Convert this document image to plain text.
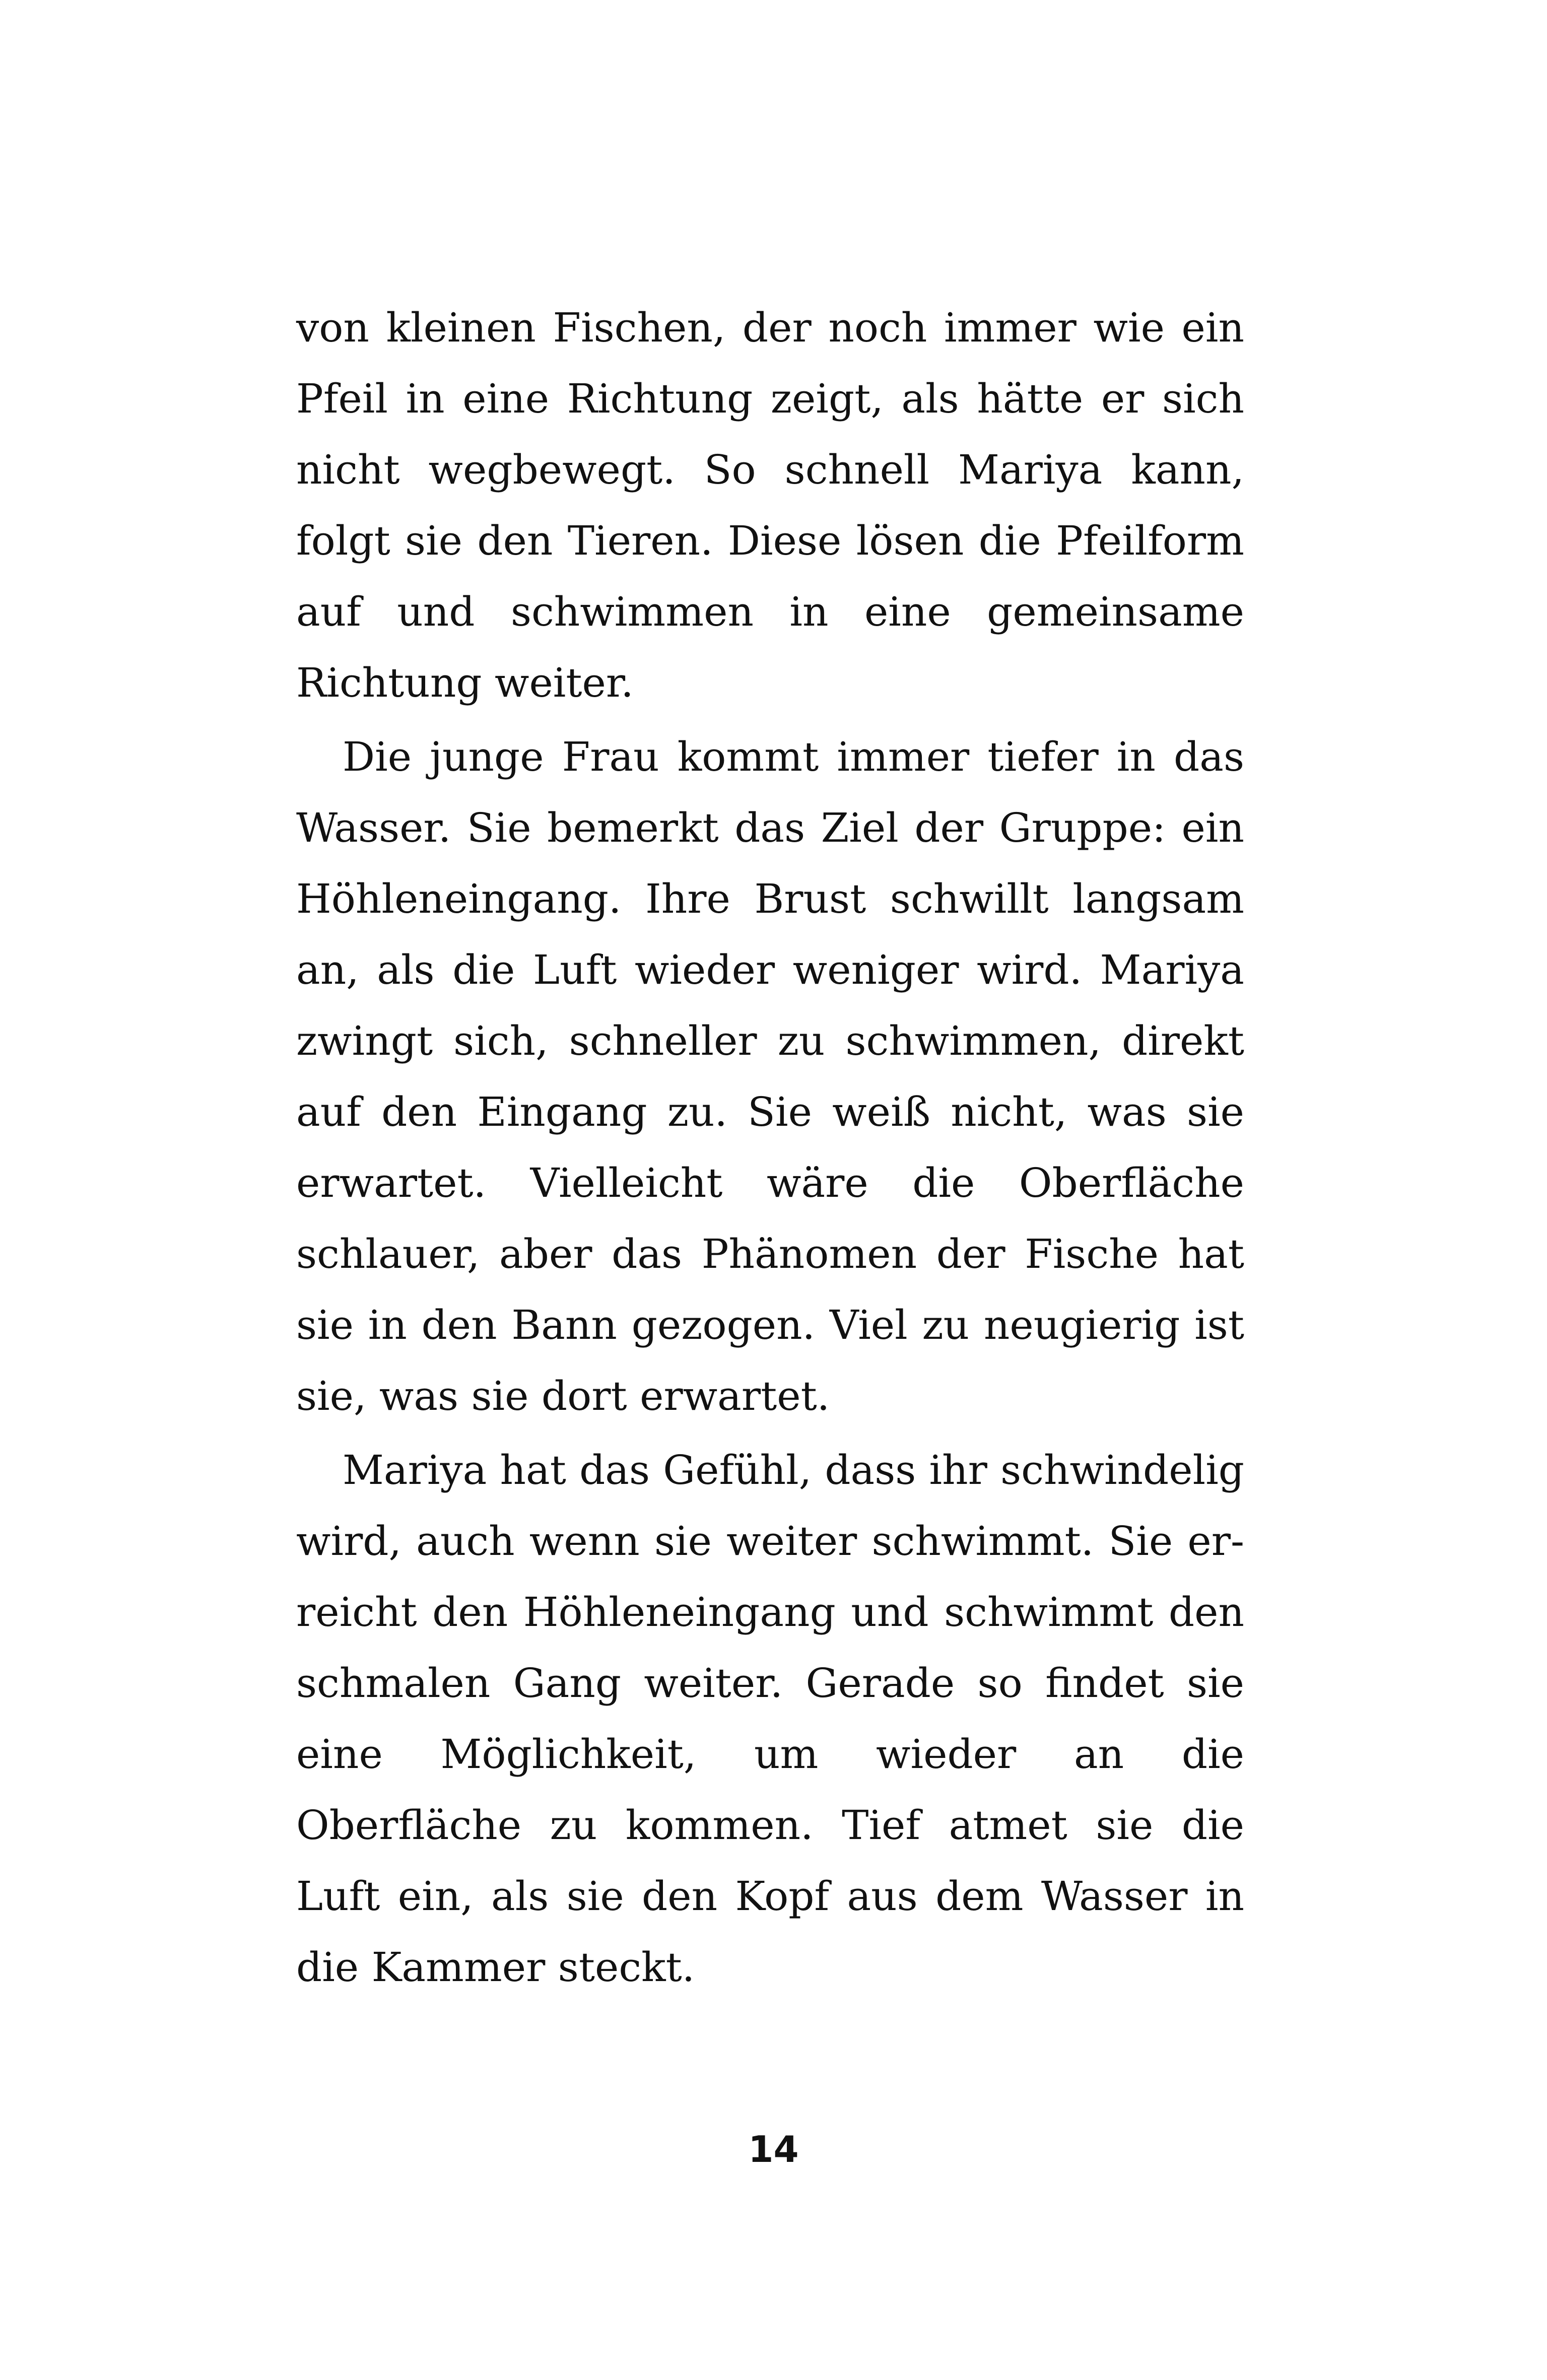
von kleinen Fischen, der noch immer wie ein Pfeil in eine Richtung zeigt, als hätte er sich nicht wegbewegt. So schnell Mariya kann, folgt sie den Tieren. Diese lösen die Pfeilform auf und schwimmen in eine gemeinsame Richtung weiter.

Die junge Frau kommt immer tiefer in das Wasser. Sie bemerkt das Ziel der Gruppe: ein Höhleneingang. Ihre Brust schwillt langsam an, als die Luft wieder weniger wird. Mariya zwingt sich, schneller zu schwimmen, direkt auf den Eingang zu. Sie weiß nicht, was sie erwartet. Vielleicht wäre die Oberfläche schlauer, aber das Phänomen der Fische hat sie in den Bann gezogen. Viel zu neugierig ist sie, was sie dort erwartet.

Mariya hat das Gefühl, dass ihr schwindelig wird, auch wenn sie weiter schwimmt. Sie erreicht den Höhleneingang und schwimmt den schmalen Gang weiter. Gerade so findet sie eine Möglichkeit, um wieder an die Oberfläche zu kommen. Tief atmet sie die Luft ein, als sie den Kopf aus dem Wasser in die Kammer steckt.

14
